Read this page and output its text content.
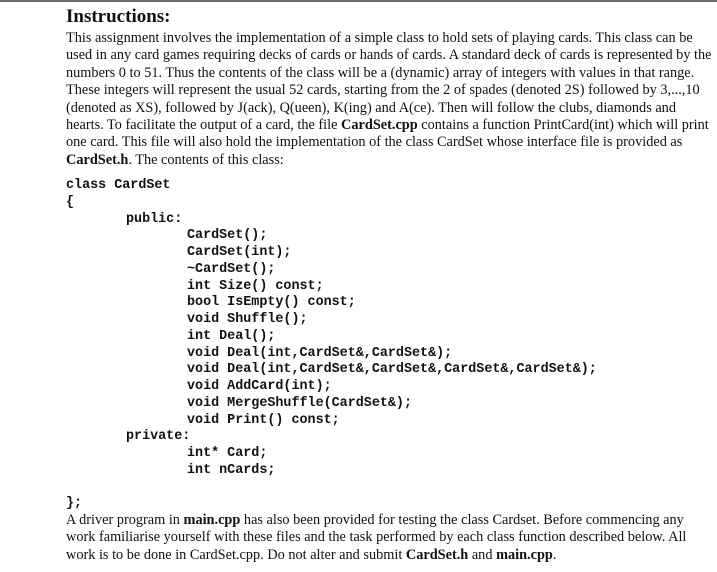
Instructions:

This assignment involves the implementation of a simple class to hold sets of playing cards. This class can be used in any card games requiring decks of cards or hands of cards. A standard deck of cards is represented by the numbers 0 to 51. Thus the contents of the class will be a (dynamic) array of integers with values in that range. These integers will represent the usual 52 cards, starting from the 2 of spades (denoted 2S) followed by 3,...,10 (denoted as XS), followed by J(ack), Q(ueen), K(ing) and A(ce). Then will follow the clubs, diamonds and hearts. To facilitate the output of a card, the file CardSet.cpp contains a function PrintCard(int) which will print one card. This file will also hold the implementation of the class CardSet whose interface file is provided as CardSet.h. The contents of this class:

class CardSet
{
public:
CardSet();
CardSet(int);
~CardSet();
int Size() const;
bool IsEmpty() const;
void Shuffle();
int Deal();
void Deal(int,CardSet&,CardSet&);
void Deal(int,CardSet&,CardSet&,CardSet&,CardSet&);
void AddCard(int);
void MergeShuffle(CardSet&);
void Print() const;
private:
int* Card;
int nCards;
};

A driver program in main.cpp has also been provided for testing the class Cardset. Before commencing any work familiarise yourself with these files and the task performed by each class function described below. All work is to be done in CardSet.cpp. Do not alter and submit CardSet.h and main.cpp.
